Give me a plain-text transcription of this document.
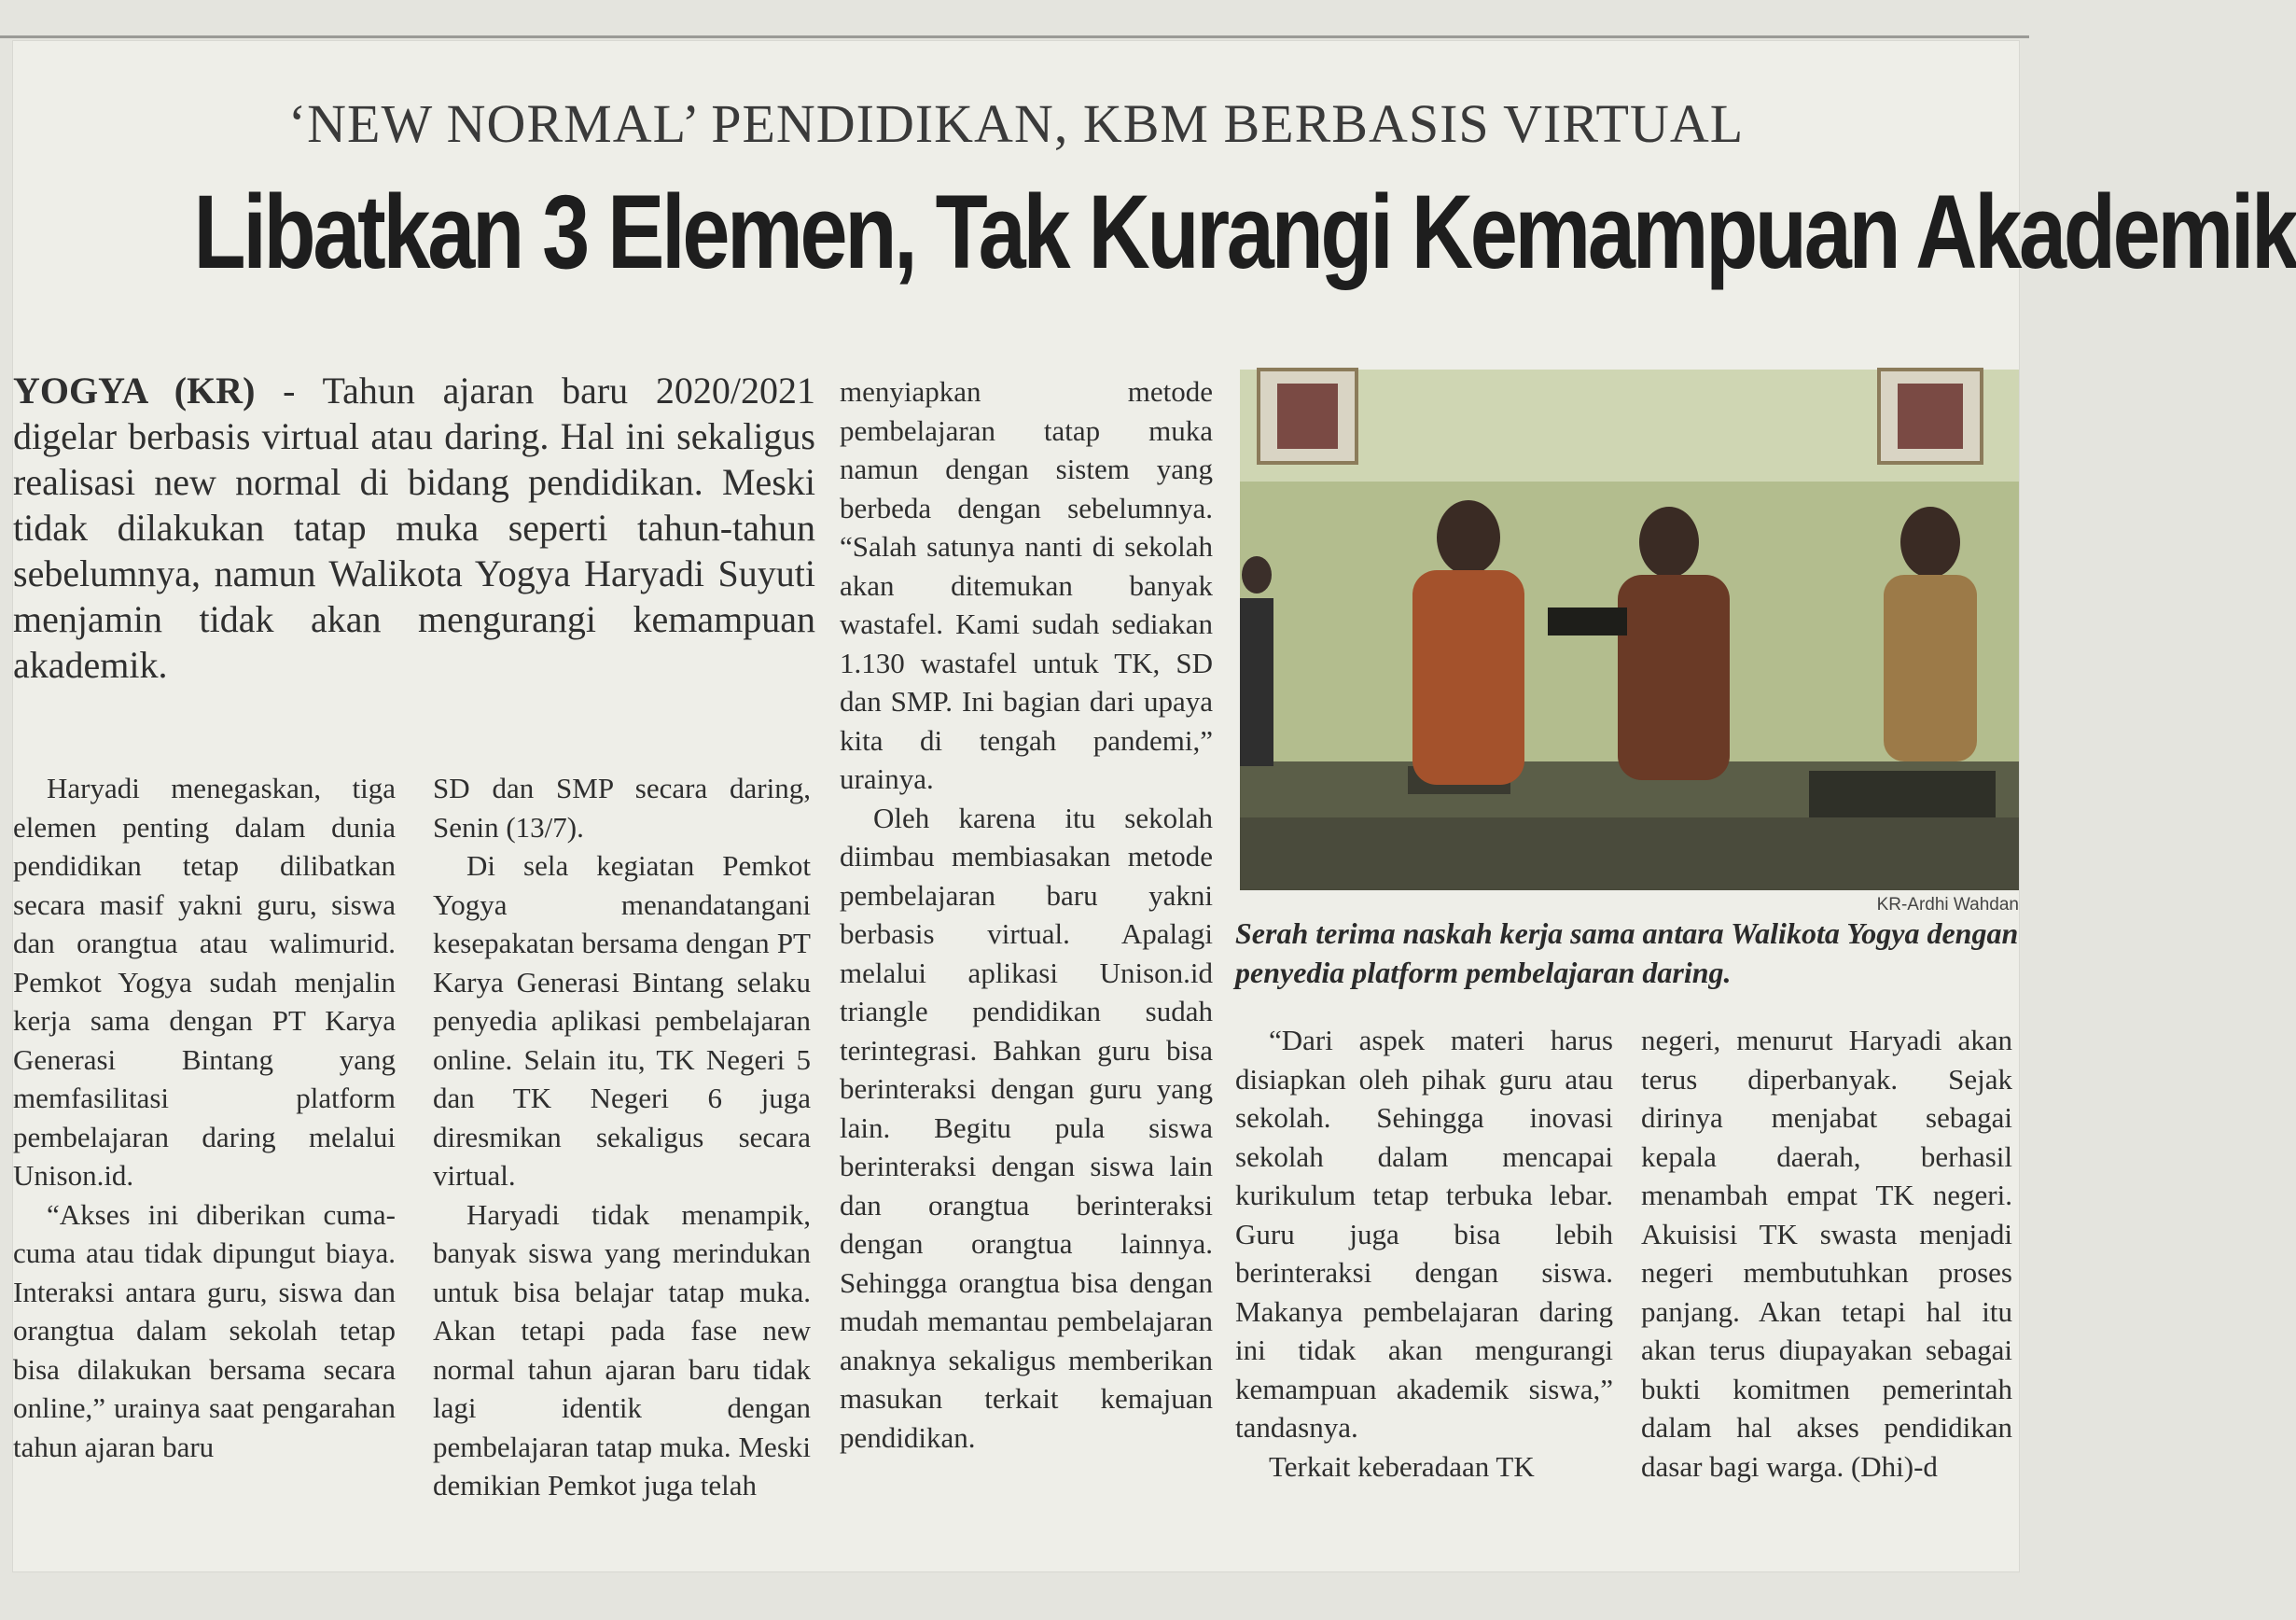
‘NEW NORMAL’ PENDIDIKAN, KBM BERBASIS VIRTUAL
Libatkan 3 Elemen, Tak Kurangi Kemampuan Akademik
YOGYA (KR) - Tahun ajaran baru 2020/2021 digelar berbasis virtual atau daring. Hal ini sekaligus realisasi new normal di bidang pendidikan. Meski tidak dilakukan tatap muka seperti tahun-tahun sebelumnya, namun Walikota Yogya Haryadi Suyuti menjamin tidak akan mengurangi kemampuan akademik.

Haryadi menegaskan, tiga elemen penting dalam dunia pendidikan tetap dilibatkan secara masif yakni guru, siswa dan orangtua atau walimurid. Pemkot Yogya sudah menjalin kerja sama dengan PT Karya Generasi Bintang yang memfasilitasi platform pembelajaran daring melalui Unison.id.

“Akses ini diberikan cuma-cuma atau tidak dipungut biaya. Interaksi antara guru, siswa dan orangtua dalam sekolah tetap bisa dilakukan bersama secara online,” urainya saat pengarahan tahun ajaran baru

SD dan SMP secara daring, Senin (13/7).

Di sela kegiatan Pemkot Yogya menandatangani kesepakatan bersama dengan PT Karya Generasi Bintang selaku penyedia aplikasi pembelajaran online. Selain itu, TK Negeri 5 dan TK Negeri 6 juga diresmikan sekaligus secara virtual.

Haryadi tidak menampik, banyak siswa yang merindukan untuk bisa belajar tatap muka. Akan tetapi pada fase new normal tahun ajaran baru tidak lagi identik dengan pembelajaran tatap muka. Meski demikian Pemkot juga telah

menyiapkan metode pembelajaran tatap muka namun dengan sistem yang berbeda dengan sebelumnya. “Salah satunya nanti di sekolah akan ditemukan banyak wastafel. Kami sudah sediakan 1.130 wastafel untuk TK, SD dan SMP. Ini bagian dari upaya kita di tengah pandemi,” urainya.

Oleh karena itu sekolah diimbau membiasakan metode pembelajaran baru yakni berbasis virtual. Apalagi melalui aplikasi Unison.id triangle pendidikan sudah terintegrasi. Bahkan guru bisa berinteraksi dengan guru yang lain. Begitu pula siswa berinteraksi dengan siswa lain dan orangtua berinteraksi dengan orangtua lainnya. Sehingga orangtua bisa dengan mudah memantau pembelajaran anaknya sekaligus memberikan masukan terkait kemajuan pendidikan.

KR-Ardhi Wahdan
Serah terima naskah kerja sama antara Walikota Yogya dengan penyedia platform pembelajaran daring.

“Dari aspek materi harus disiapkan oleh pihak guru atau sekolah. Sehingga inovasi sekolah dalam mencapai kurikulum tetap terbuka lebar. Guru juga bisa lebih berinteraksi dengan siswa. Makanya pembelajaran daring ini tidak akan mengurangi kemampuan akademik siswa,” tandasnya.

Terkait keberadaan TK

negeri, menurut Haryadi akan terus diperbanyak. Sejak dirinya menjabat sebagai kepala daerah, berhasil menambah empat TK negeri. Akuisisi TK swasta menjadi negeri membutuhkan proses panjang. Akan tetapi hal itu akan terus diupayakan sebagai bukti komitmen pemerintah dalam hal akses pendidikan dasar bagi warga. (Dhi)-d
